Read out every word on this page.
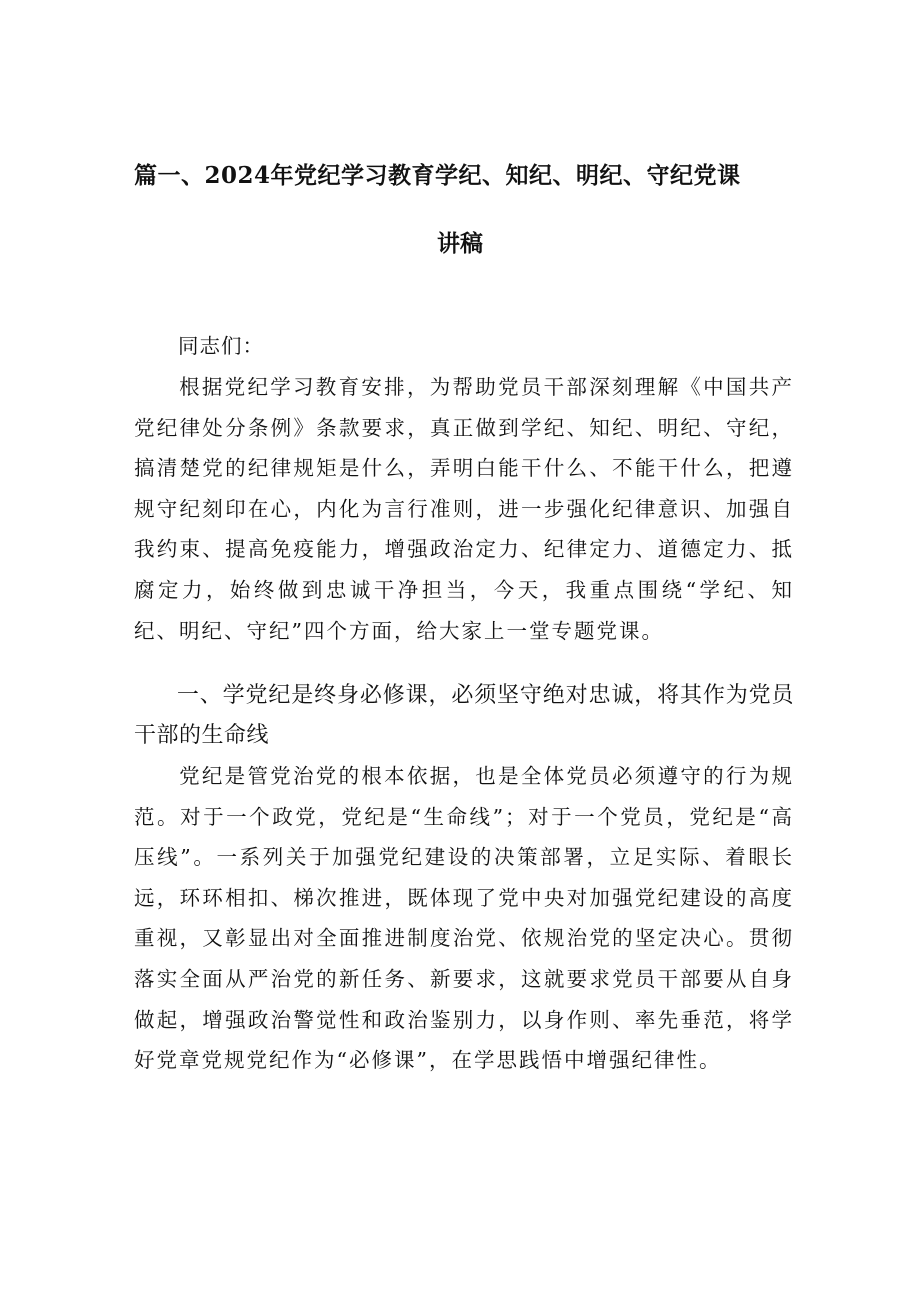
篇一、2024年党纪学习教育学纪、知纪、明纪、守纪党课
讲稿
同志们：

根据党纪学习教育安排，为帮助党员干部深刻理解《中国共产党纪律处分条例》条款要求，真正做到学纪、知纪、明纪、守纪，搞清楚党的纪律规矩是什么，弄明白能干什么、不能干什么，把遵规守纪刻印在心，内化为言行准则，进一步强化纪律意识、加强自我约束、提高免疫能力，增强政治定力、纪律定力、道德定力、抵腐定力，始终做到忠诚干净担当，今天，我重点围绕“学纪、知纪、明纪、守纪”四个方面，给大家上一堂专题党课。

一、学党纪是终身必修课，必须坚守绝对忠诚，将其作为党员干部的生命线

党纪是管党治党的根本依据，也是全体党员必须遵守的行为规范。对于一个政党，党纪是“生命线”；对于一个党员，党纪是“高压线”。一系列关于加强党纪建设的决策部署，立足实际、着眼长远，环环相扣、梯次推进，既体现了党中央对加强党纪建设的高度重视，又彰显出对全面推进制度治党、依规治党的坚定决心。贯彻落实全面从严治党的新任务、新要求，这就要求党员干部要从自身做起，增强政治警觉性和政治鉴别力，以身作则、率先垂范，将学好党章党规党纪作为“必修课”，在学思践悟中增强纪律性。
